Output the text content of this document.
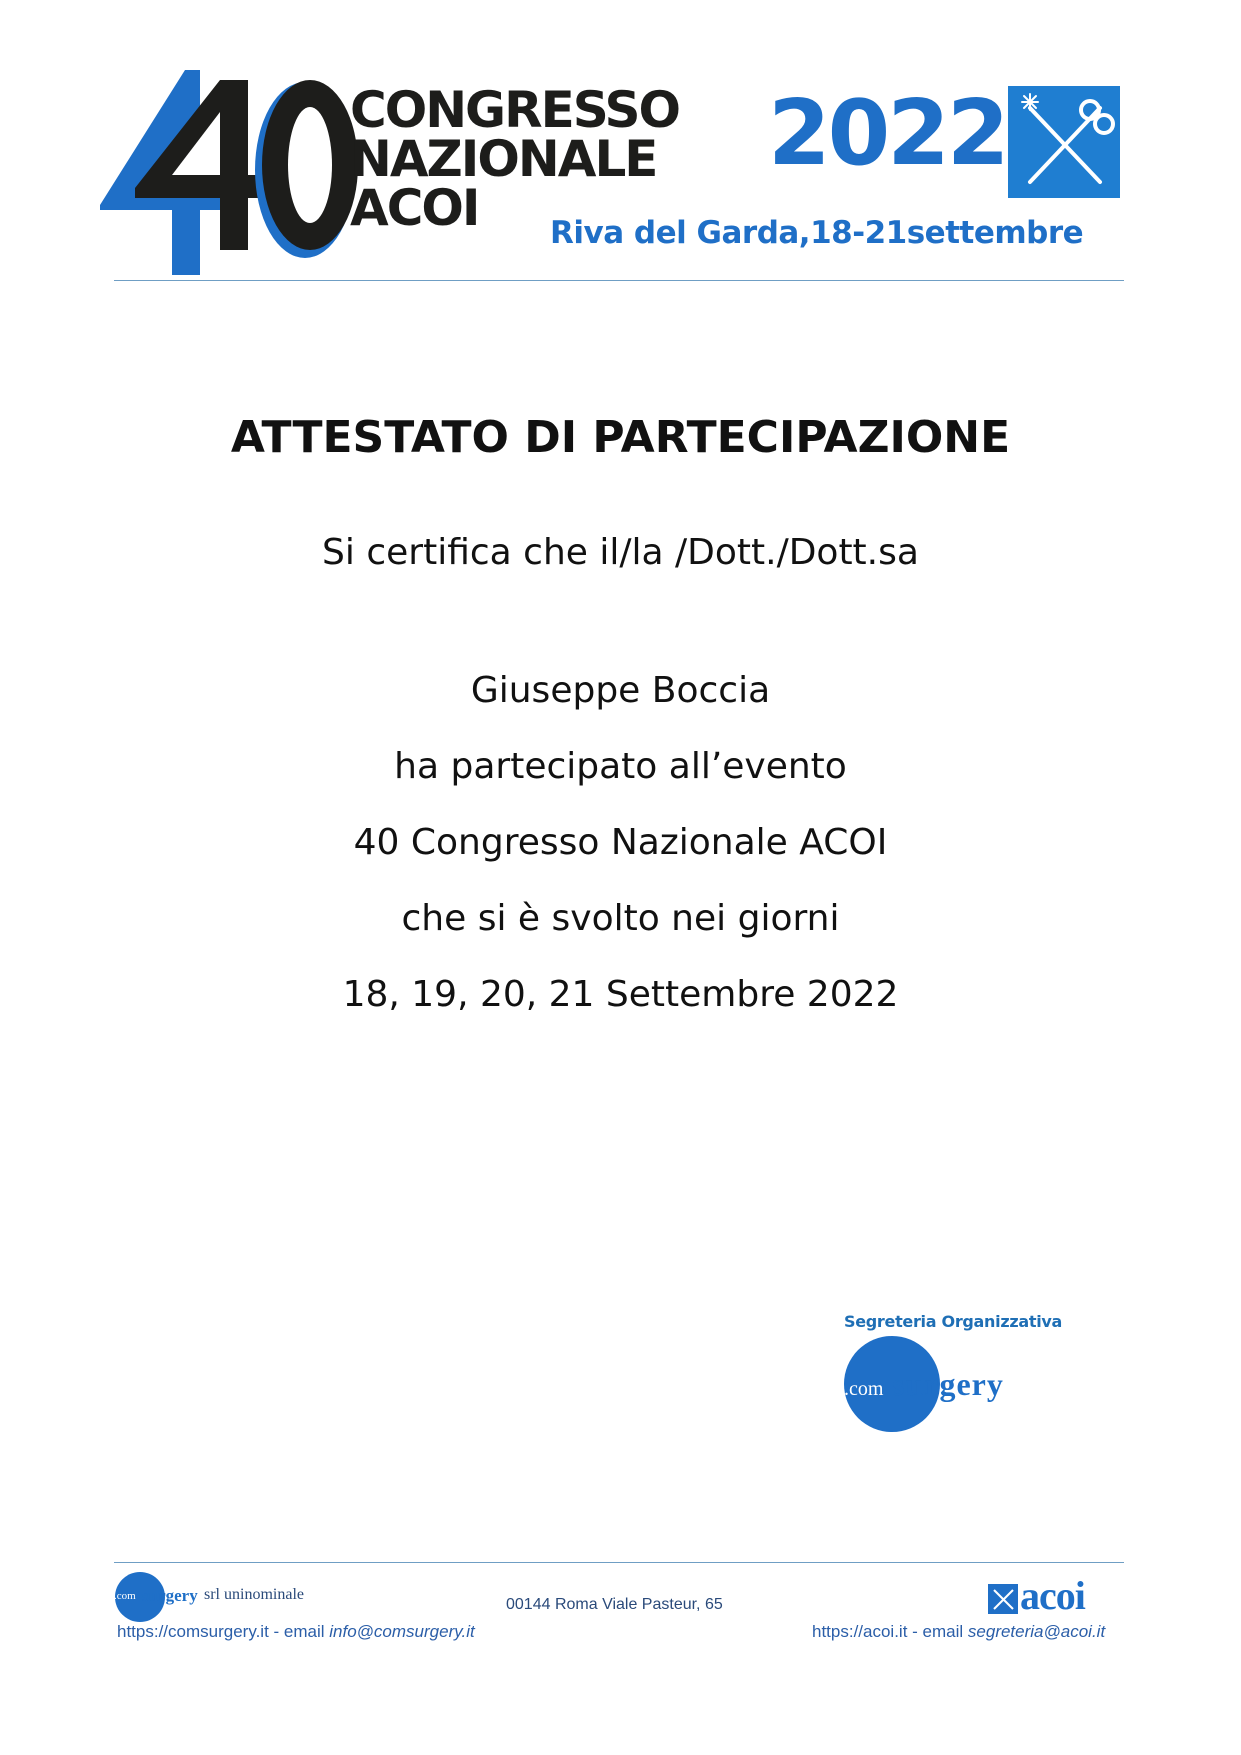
CONGRESSO
NAZIONALE
ACOI
2022
Riva del Garda,18-21settembre
ATTESTATO DI PARTECIPAZIONE
Si certifica che il/la /Dott./Dott.sa
Giuseppe Boccia
ha partecipato all’evento
40 Congresso Nazionale ACOI
che si è svolto nei giorni
18, 19, 20, 21 Settembre 2022
Segreteria Organizzativa
.com surgery
.com surgery srl uninominale
00144 Roma Viale Pasteur, 65
https://comsurgery.it - email info@comsurgery.it
acoi
https://acoi.it - email segreteria@acoi.it
